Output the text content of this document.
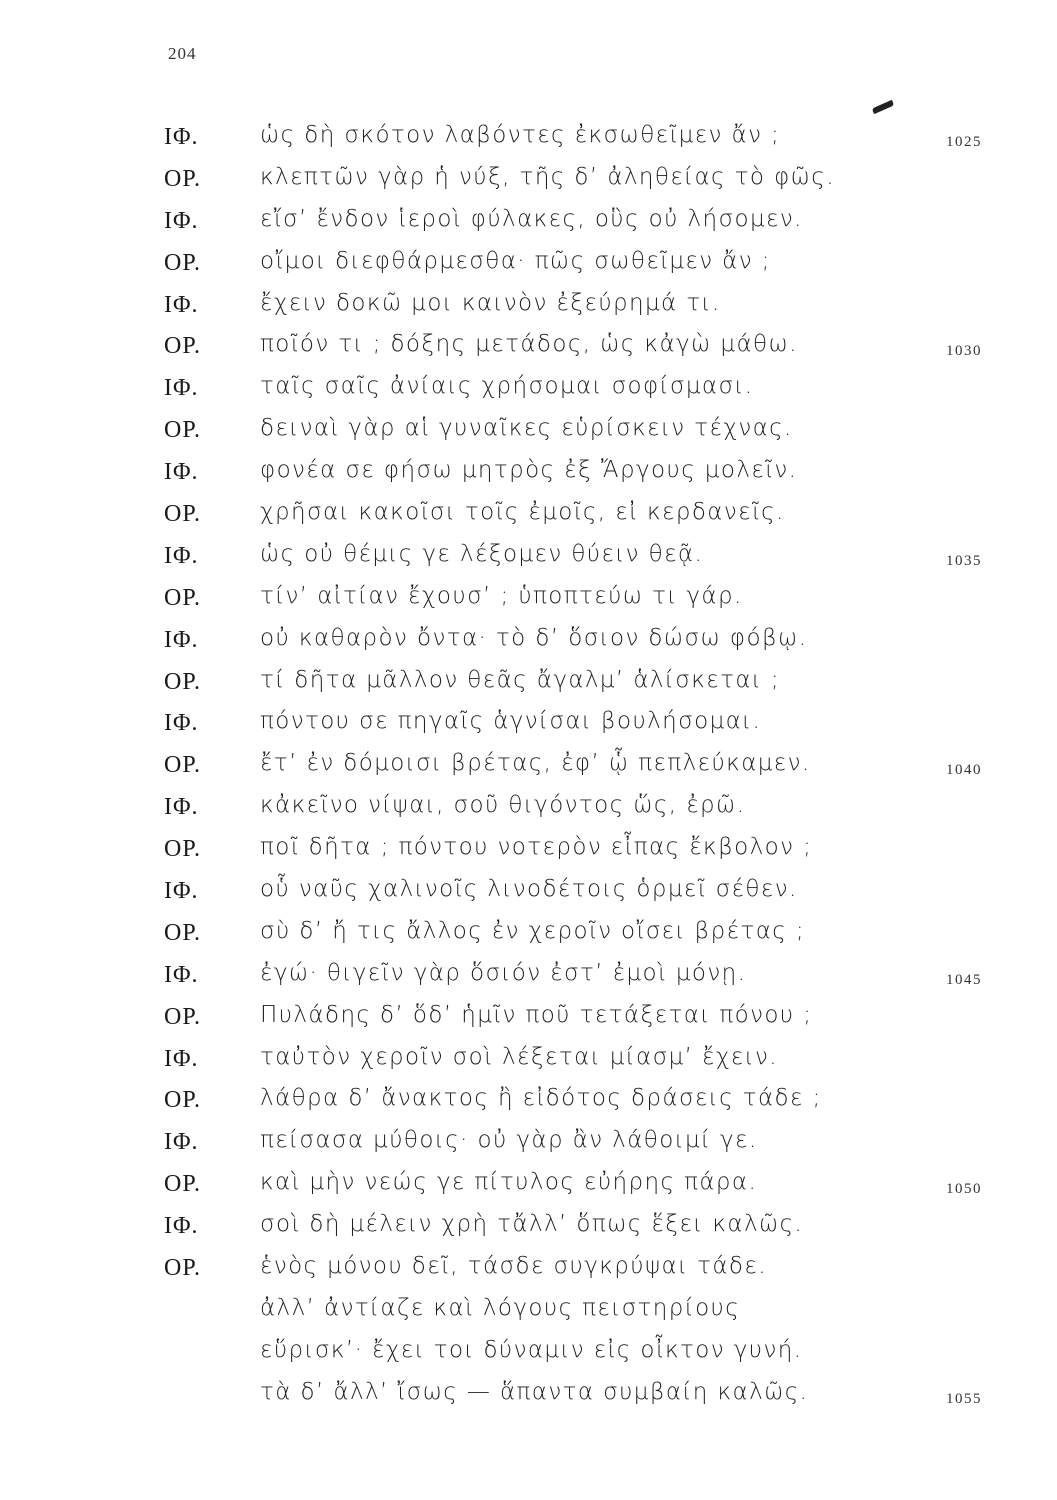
204
ΙΦ.	ὡς δὴ σκότον λαβόντες ἐκσωθεῖμεν ἄν ;	1025
ΟΡ.	κλεπτῶν γὰρ ἡ νύξ, τῆς δ’ ἀληθείας τὸ φῶς.
ΙΦ.	εἴσ’ ἔνδον ἱεροὶ φύλακες, οὓς οὐ λήσομεν.
ΟΡ.	οἴμοι διεφθάρμεσθα· πῶς σωθεῖμεν ἄν ;
ΙΦ.	ἔχειν δοκῶ μοι καινὸν ἐξεύρημά τι.
ΟΡ.	ποῖόν τι ; δόξης μετάδος, ὡς κἀγὼ μάθω.	1030
ΙΦ.	ταῖς σαῖς ἀνίαις χρήσομαι σοφίσμασι.
ΟΡ.	δειναὶ γὰρ αἱ γυναῖκες εὑρίσκειν τέχνας.
ΙΦ.	φονέα σε φήσω μητρὸς ἐξ Ἄργους μολεῖν.
ΟΡ.	χρῆσαι κακοῖσι τοῖς ἐμοῖς, εἰ κερδανεῖς.
ΙΦ.	ὡς οὐ θέμις γε λέξομεν θύειν θεᾷ.	1035
ΟΡ.	τίν’ αἰτίαν ἔχουσ’ ; ὑποπτεύω τι γάρ.
ΙΦ.	οὐ καθαρὸν ὄντα· τὸ δ’ ὅσιον δώσω φόβῳ.
ΟΡ.	τί δῆτα μᾶλλον θεᾶς ἄγαλμ’ ἁλίσκεται ;
ΙΦ.	πόντου σε πηγαῖς ἁγνίσαι βουλήσομαι.
ΟΡ.	ἔτ’ ἐν δόμοισι βρέτας, ἐφ’ ᾧ πεπλεύκαμεν.	1040
ΙΦ.	κἀκεῖνο νίψαι, σοῦ θιγόντος ὥς, ἐρῶ.
ΟΡ.	ποῖ δῆτα ; πόντου νοτερὸν εἶπας ἔκβολον ;
ΙΦ.	οὗ ναῦς χαλινοῖς λινοδέτοις ὁρμεῖ σέθεν.
ΟΡ.	σὺ δ’ ἤ τις ἄλλος ἐν χεροῖν οἴσει βρέτας ;
ΙΦ.	ἐγώ· θιγεῖν γὰρ ὅσιόν ἐστ’ ἐμοὶ μόνῃ.	1045
ΟΡ.	Πυλάδης δ’ ὅδ’ ἡμῖν ποῦ τετάξεται πόνου ;
ΙΦ.	ταὐτὸν χεροῖν σοὶ λέξεται μίασμ’ ἔχειν.
ΟΡ.	λάθρα δ’ ἄνακτος ἢ εἰδότος δράσεις τάδε ;
ΙΦ.	πείσασα μύθοις· οὐ γὰρ ἂν λάθοιμί γε.
ΟΡ.	καὶ μὴν νεώς γε πίτυλος εὐήρης πάρα.	1050
ΙΦ.	σοὶ δὴ μέλειν χρὴ τἄλλ’ ὅπως ἕξει καλῶς.
ΟΡ.	ἑνὸς μόνου δεῖ, τάσδε συγκρύψαι τάδε.
ἀλλ’ ἀντίαζε καὶ λόγους πειστηρίους
εὕρισκ’· ἔχει τοι δύναμιν εἰς οἶκτον γυνή.
τὰ δ’ ἄλλ’ ἴσως — ἅπαντα συμβαίη καλῶς.	1055
